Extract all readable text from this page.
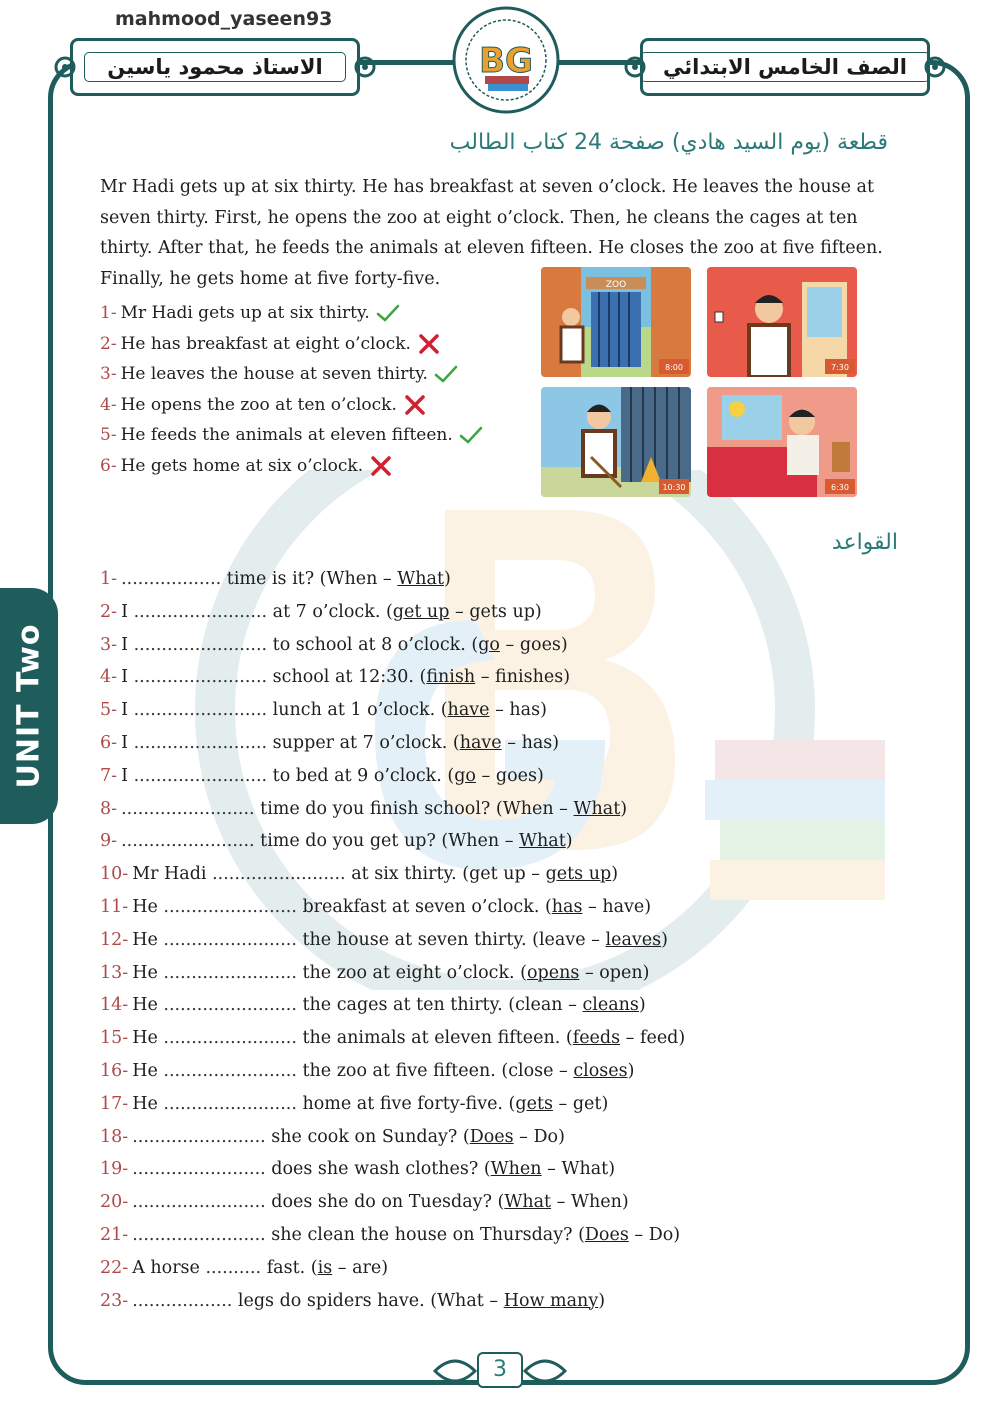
mahmood_yaseen93
الاستاذ محمود ياسين	الصف الخامس الابتدائي
BG
UNIT Two
قطعة (يوم السيد هادي) صفحة 24 كتاب الطالب
Mr Hadi gets up at six thirty. He has breakfast at seven o’clock. He leaves the house at seven thirty. First, he opens the zoo at eight o’clock. Then, he cleans the cages at ten thirty. After that, he feeds the animals at eleven fifteen. He closes the zoo at five fifteen. Finally, he gets home at five forty-five.
1- Mr Hadi gets up at six thirty.
2- He has breakfast at eight o’clock.
3- He leaves the house at seven thirty.
4- He opens the zoo at ten o’clock.
5- He feeds the animals at eleven fifteen.
6- He gets home at six o’clock.
ZOO
8:00	7:30
10:30	6:30
القواعد
1- .................. time is it? (When – What)
2- I ........................ at 7 o’clock. (get up – gets up)
3- I ........................ to school at 8 o’clock. (go – goes)
4- I ........................ school at 12:30. (finish – finishes)
5- I ........................ lunch at 1 o’clock. (have – has)
6- I ........................ supper at 7 o’clock. (have – has)
7- I ........................ to bed at 9 o’clock. (go – goes)
8- ........................ time do you finish school? (When – What)
9- ........................ time do you get up? (When – What)
10- Mr Hadi ........................ at six thirty. (get up – gets up)
11- He ........................ breakfast at seven o’clock. (has – have)
12- He ........................ the house at seven thirty. (leave – leaves)
13- He ........................ the zoo at eight o’clock. (opens – open)
14- He ........................ the cages at ten thirty. (clean – cleans)
15- He ........................ the animals at eleven fifteen. (feeds – feed)
16- He ........................ the zoo at five fifteen. (close – closes)
17- He ........................ home at five forty-five. (gets – get)
18- ........................ she cook on Sunday? (Does – Do)
19- ........................ does she wash clothes? (When – What)
20- ........................ does she do on Tuesday? (What – When)
21- ........................ she clean the house on Thursday? (Does – Do)
22- A horse .......... fast. (is – are)
23- .................. legs do spiders have. (What – How many)
3
